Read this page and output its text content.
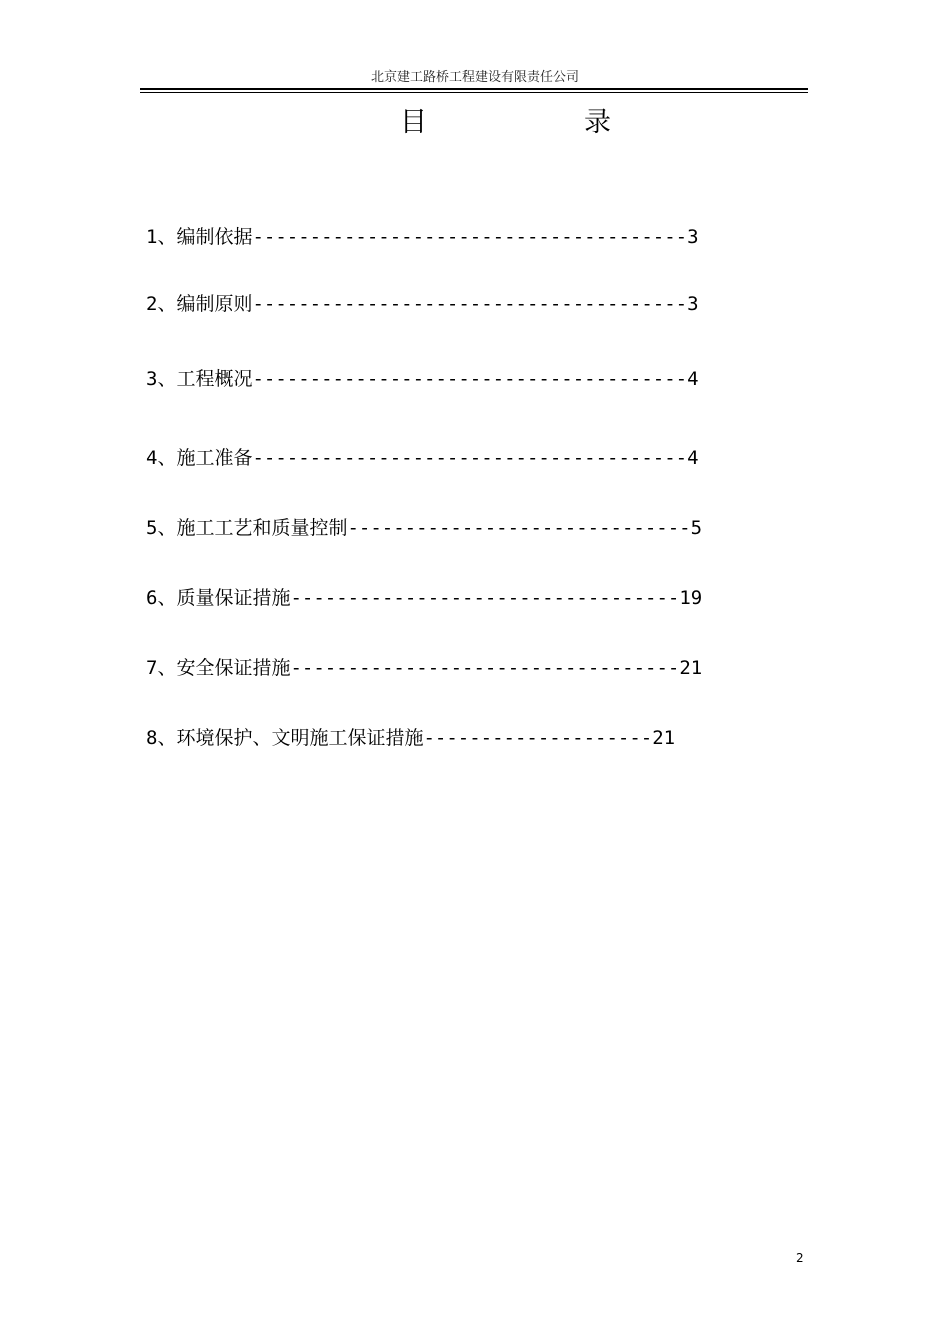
北京建工路桥工程建设有限责任公司
目	录
1、编制依据--------------------------------------3
2、编制原则--------------------------------------3
3、工程概况--------------------------------------4
4、施工准备--------------------------------------4
5、施工工艺和质量控制------------------------------5
6、质量保证措施----------------------------------19
7、安全保证措施----------------------------------21
8、环境保护、文明施工保证措施--------------------21
2
